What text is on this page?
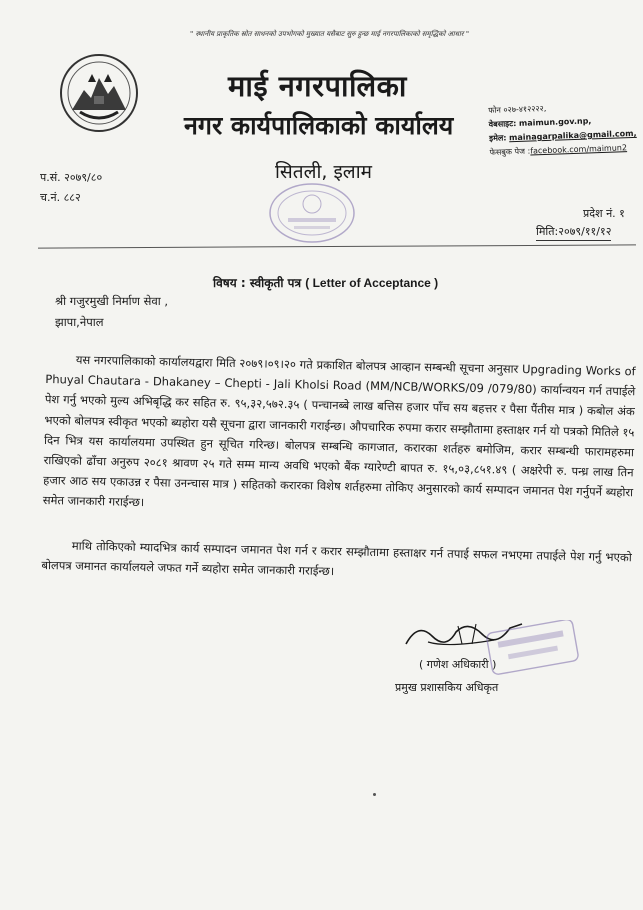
" स्थानीय प्राकृतिक स्रोत साधनको उपभोगको मुख्यात यसैबाट सुरु हुन्छ माई नगरपालिकाको समृद्धिको आधार "
माई नगरपालिका
नगर कार्यपालिकाको कार्यालय
सितली, इलाम
फोन ०२७-४१२२२२,
वेबसाइट: maimun.gov.np,
इमेल: mainagarpalika@gmail.com,
फेसबुक पेज :facebook.com/maimun2
प.सं. २०७९/८०
च.नं. ८८२
प्रदेश नं. १
मिति:२०७९/११/१२
विषय : स्वीकृती पत्र ( Letter of Acceptance )
श्री गजुरमुखी निर्माण सेवा ,
झापा,नेपाल

यस नगरपालिकाको कार्यालयद्वारा मिति २०७९।०९।२० गते प्रकाशित बोलपत्र आव्हान सम्बन्धी सूचना अनुसार Upgrading Works of Phuyal Chautara - Dhakaney – Chepti - Jali Kholsi Road (MM/NCB/WORKS/09 /079/80) कार्यान्वयन गर्न तपाईले पेश गर्नु भएको मुल्य अभिबृद्धि कर सहित रु. ९५,३२,५७२.३५ ( पन्चानब्बे लाख बत्तिस हजार पाँच सय बहत्तर र पैसा पैंतीस मात्र ) कबोल अंक भएको बोलपत्र स्वीकृत भएको ब्यहोरा यसै सूचना द्वारा जानकारी गराईन्छ। औपचारिक रुपमा करार सम्झौतामा हस्ताक्षर गर्न यो पत्रको मितिले १५ दिन भित्र यस कार्यालयमा उपस्थित हुन सूचित गरिन्छ। बोलपत्र सम्बन्धि कागजात, करारका शर्तहरु बमोजिम, करार सम्बन्धी फारामहरुमा राखिएको ढाँचा अनुरुप २०८१ श्रावण २५ गते सम्म मान्य अवधि भएको बैंक ग्यारेण्टी बापत रु. १५,०३,८५१.४९ ( अक्षरेपी रु. पन्ध्र लाख तिन हजार आठ सय एकाउन्न र पैसा उनन्चास मात्र ) सहितको करारका विशेष शर्तहरुमा तोकिए अनुसारको कार्य सम्पादन जमानत पेश गर्नुपर्ने ब्यहोरा समेत जानकारी गराईन्छ।

माथि तोकिएको म्यादभित्र कार्य सम्पादन जमानत पेश गर्न र करार सम्झौतामा हस्ताक्षर गर्न तपाई सफल नभएमा तपाईले पेश गर्नु भएको बोलपत्र जमानत कार्यालयले जफत गर्ने ब्यहोरा समेत जानकारी गराईन्छ।

( गणेश अधिकारी )
प्रमुख प्रशासकिय अधिकृत
